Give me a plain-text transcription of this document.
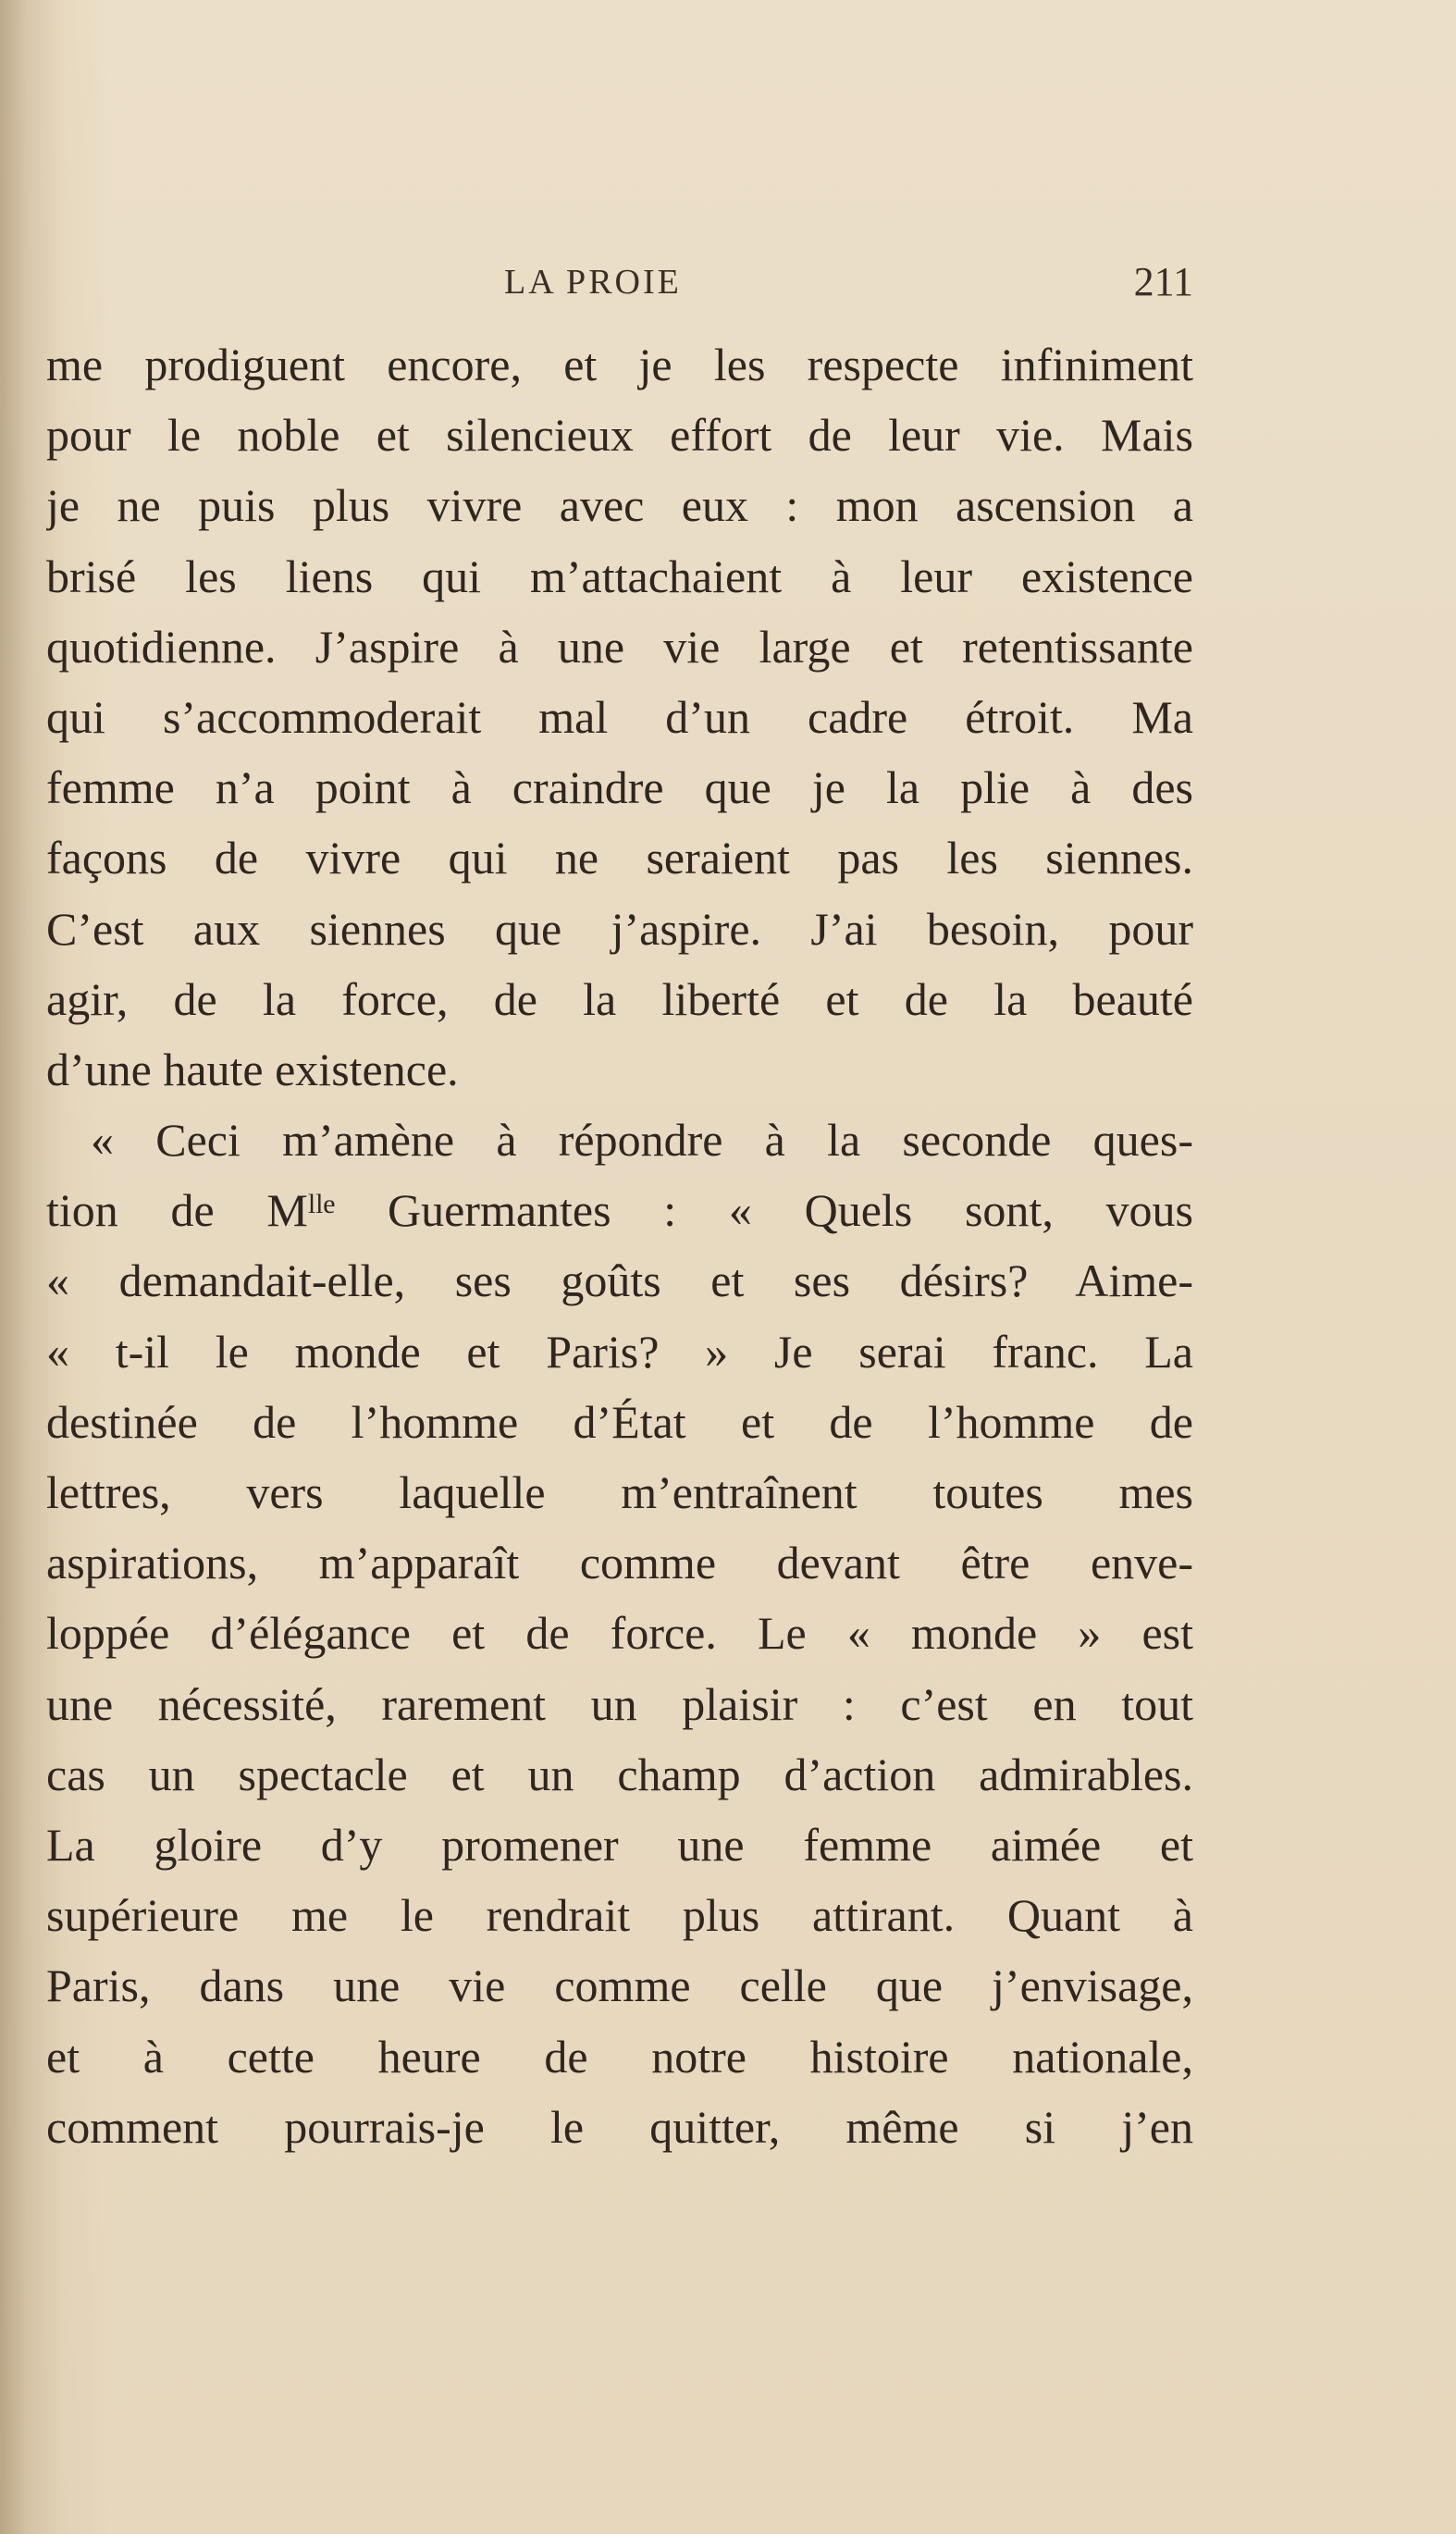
LA PROIE	211
me prodiguent encore, et je les respecte infiniment
pour le noble et silencieux effort de leur vie. Mais
je ne puis plus vivre avec eux : mon ascension a
brisé les liens qui m’attachaient à leur existence
quotidienne. J’aspire à une vie large et retentissante
qui s’accommoderait mal d’un cadre étroit. Ma
femme n’a point à craindre que je la plie à des
façons de vivre qui ne seraient pas les siennes.
C’est aux siennes que j’aspire. J’ai besoin, pour
agir, de la force, de la liberté et de la beauté
d’une haute existence.
« Ceci m’amène à répondre à la seconde ques-
tion de Mˡˡᵉ Guermantes : « Quels sont, vous
« demandait-elle, ses goûts et ses désirs? Aime-
« t-il le monde et Paris? » Je serai franc. La
destinée de l’homme d’État et de l’homme de
lettres, vers laquelle m’entraînent toutes mes
aspirations, m’apparaît comme devant être enve-
loppée d’élégance et de force. Le « monde » est
une nécessité, rarement un plaisir : c’est en tout
cas un spectacle et un champ d’action admirables.
La gloire d’y promener une femme aimée et
supérieure me le rendrait plus attirant. Quant à
Paris, dans une vie comme celle que j’envisage,
et à cette heure de notre histoire nationale,
comment pourrais-je le quitter, même si j’en
